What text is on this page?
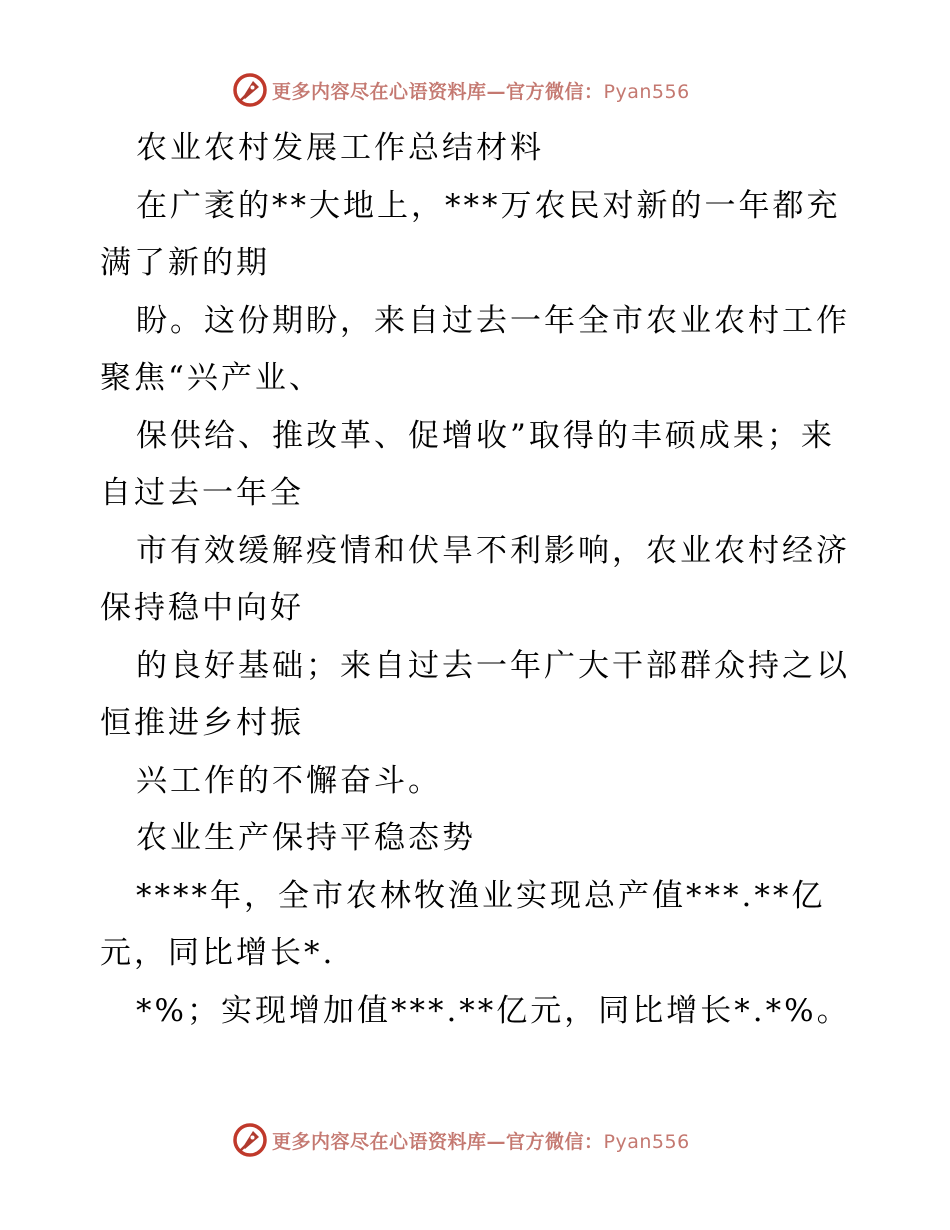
更多内容尽在心语资料库—官方微信：Pyan556
农业农村发展工作总结材料
在广袤的**大地上，***万农民对新的一年都充
满了新的期
盼。这份期盼，来自过去一年全市农业农村工作
聚焦“兴产业、
保供给、推改革、促增收”取得的丰硕成果；来
自过去一年全
市有效缓解疫情和伏旱不利影响，农业农村经济
保持稳中向好
的良好基础；来自过去一年广大干部群众持之以
恒推进乡村振
兴工作的不懈奋斗。
农业生产保持平稳态势
****年，全市农林牧渔业实现总产值***.**亿
元，同比增长*.
*%；实现增加值***.**亿元，同比增长*.*%。
更多内容尽在心语资料库—官方微信：Pyan556
